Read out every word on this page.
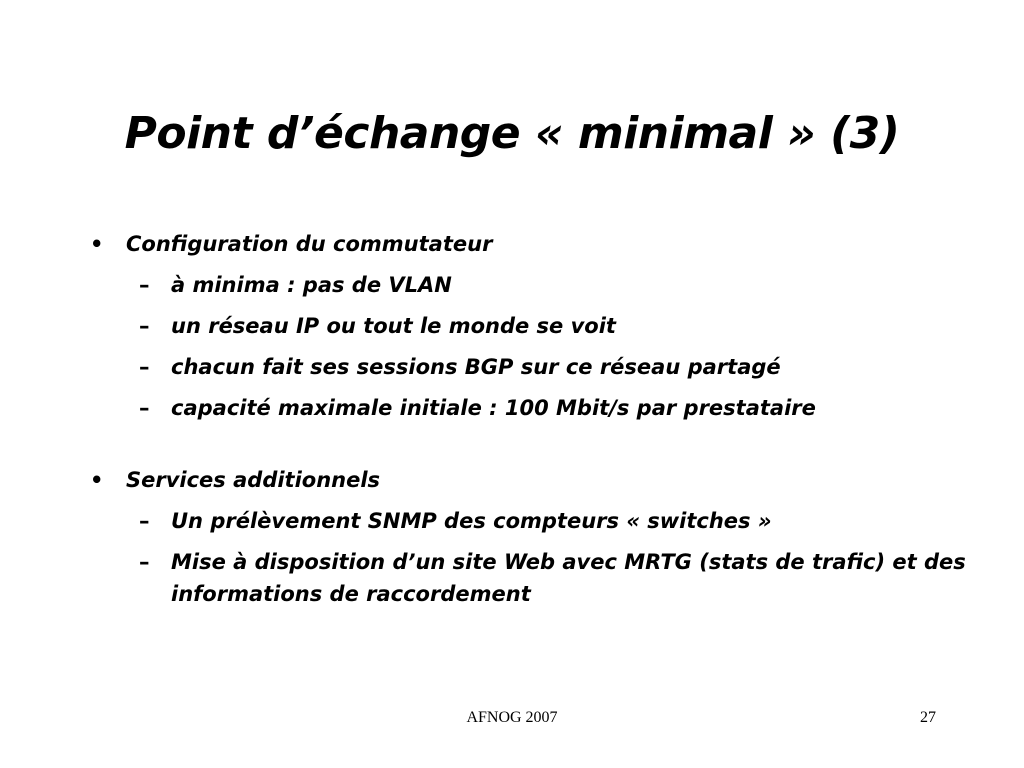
Point d’échange « minimal » (3)
• Configuration du commutateur
– à minima : pas de VLAN
– un réseau IP ou tout le monde se voit
– chacun fait ses sessions BGP sur ce réseau partagé
– capacité maximale initiale : 100 Mbit/s par prestataire
• Services additionnels
– Un prélèvement SNMP des compteurs « switches »
– Mise à disposition d’un site Web avec MRTG (stats de trafic) et des informations de raccordement
AFNOG 2007	27
